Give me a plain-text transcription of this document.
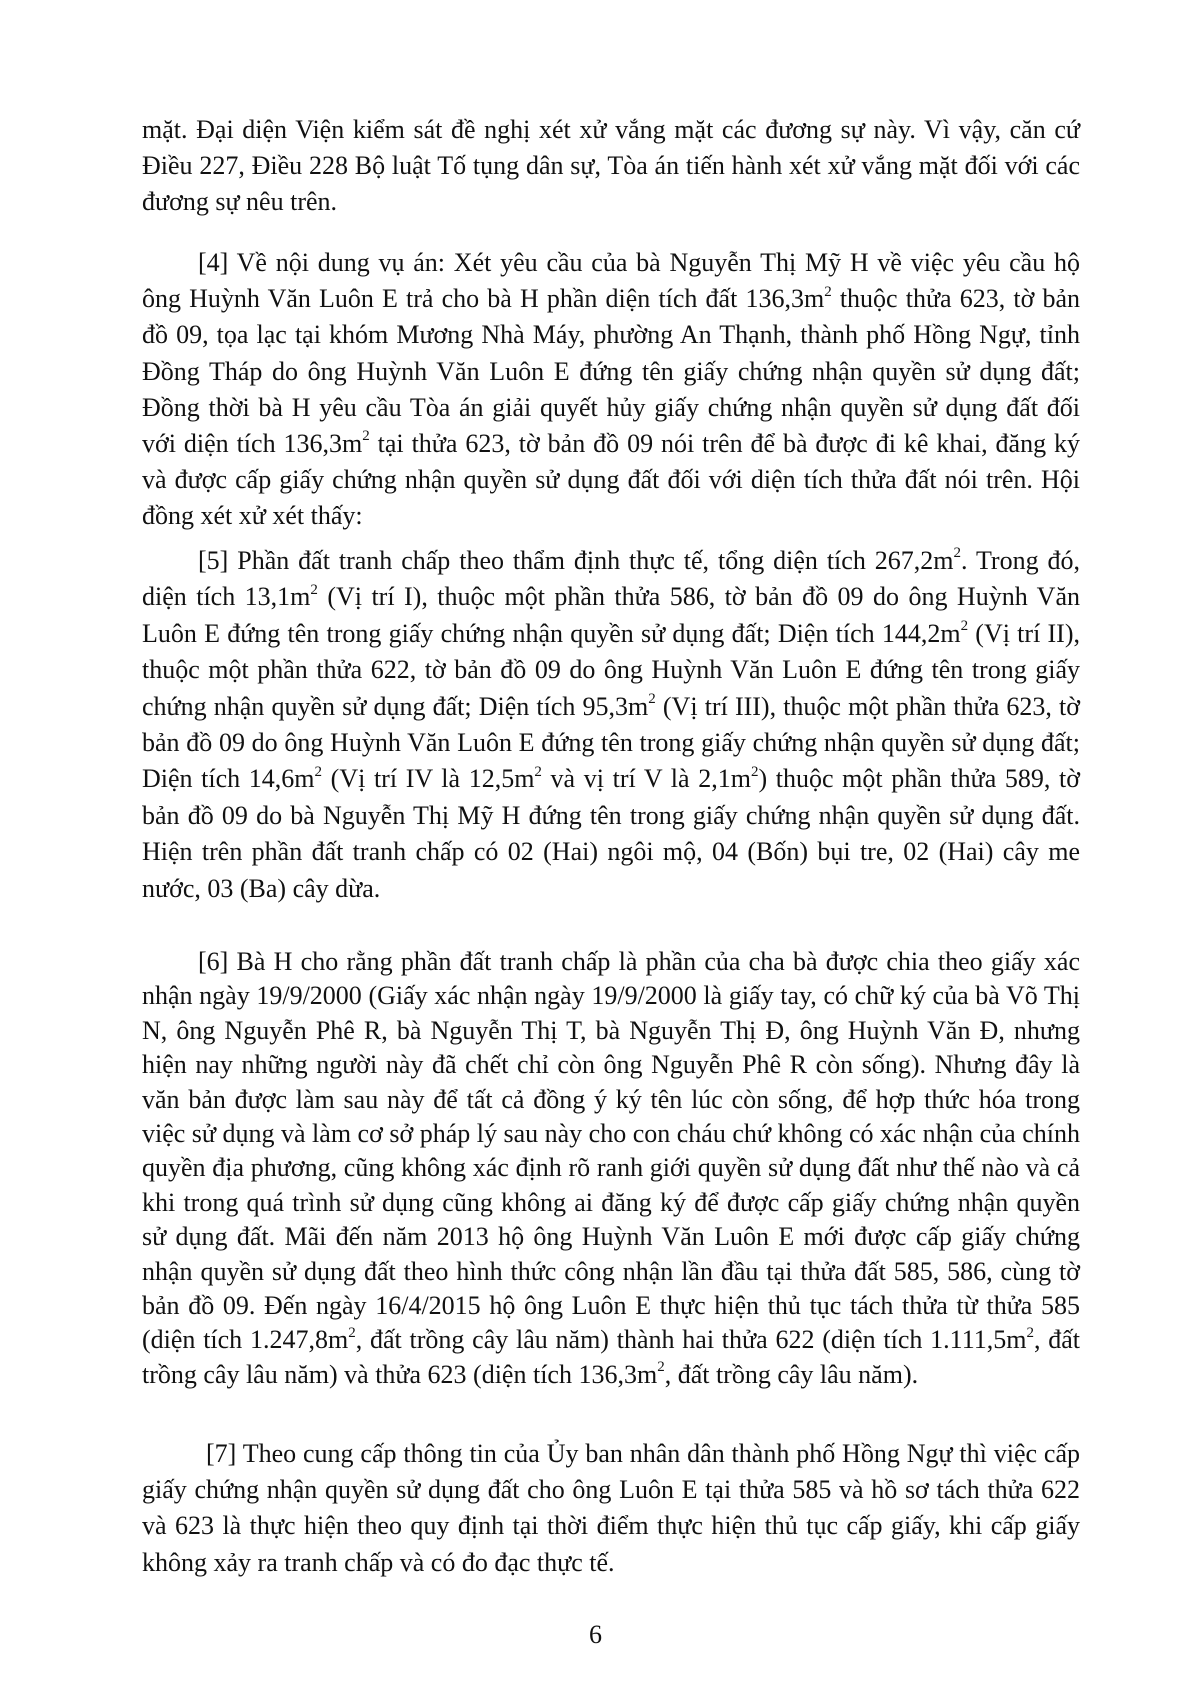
mặt. Đại diện Viện kiểm sát đề nghị xét xử vắng mặt các đương sự này. Vì vậy, căn cứ Điều 227, Điều 228 Bộ luật Tố tụng dân sự, Tòa án tiến hành xét xử vắng mặt đối với các đương sự nêu trên.

[4] Về nội dung vụ án: Xét yêu cầu của bà Nguyễn Thị Mỹ H về việc yêu cầu hộ ông Huỳnh Văn Luôn E trả cho bà H phần diện tích đất $136,3m^2$ thuộc thửa 623, tờ bản đồ 09, tọa lạc tại khóm Mương Nhà Máy, phường An Thạnh, thành phố Hồng Ngự, tỉnh Đồng Tháp do ông Huỳnh Văn Luôn E đứng tên giấy chứng nhận quyền sử dụng đất; Đồng thời bà H yêu cầu Tòa án giải quyết hủy giấy chứng nhận quyền sử dụng đất đối với diện tích $136,3m^2$ tại thửa 623, tờ bản đồ 09 nói trên để bà được đi kê khai, đăng ký và được cấp giấy chứng nhận quyền sử dụng đất đối với diện tích thửa đất nói trên. Hội đồng xét xử xét thấy:

[5] Phần đất tranh chấp theo thẩm định thực tế, tổng diện tích $267,2m^2$. Trong đó, diện tích $13,1m^2$ (Vị trí I), thuộc một phần thửa 586, tờ bản đồ 09 do ông Huỳnh Văn Luôn E đứng tên trong giấy chứng nhận quyền sử dụng đất; Diện tích $144,2m^2$ (Vị trí II), thuộc một phần thửa 622, tờ bản đồ 09 do ông Huỳnh Văn Luôn E đứng tên trong giấy chứng nhận quyền sử dụng đất; Diện tích $95,3m^2$ (Vị trí III), thuộc một phần thửa 623, tờ bản đồ 09 do ông Huỳnh Văn Luôn E đứng tên trong giấy chứng nhận quyền sử dụng đất; Diện tích $14,6m^2$ (Vị trí IV là $12,5m^2$ và vị trí V là $2,1m^2$) thuộc một phần thửa 589, tờ bản đồ 09 do bà Nguyễn Thị Mỹ H đứng tên trong giấy chứng nhận quyền sử dụng đất. Hiện trên phần đất tranh chấp có 02 (Hai) ngôi mộ, 04 (Bốn) bụi tre, 02 (Hai) cây me nước, 03 (Ba) cây dừa.

[6] Bà H cho rằng phần đất tranh chấp là phần của cha bà được chia theo giấy xác nhận ngày 19/9/2000 (Giấy xác nhận ngày 19/9/2000 là giấy tay, có chữ ký của bà Võ Thị N, ông Nguyễn Phê R, bà Nguyễn Thị T, bà Nguyễn Thị Đ, ông Huỳnh Văn Đ, nhưng hiện nay những người này đã chết chỉ còn ông Nguyễn Phê R còn sống). Nhưng đây là văn bản được làm sau này để tất cả đồng ý ký tên lúc còn sống, để hợp thức hóa trong việc sử dụng và làm cơ sở pháp lý sau này cho con cháu chứ không có xác nhận của chính quyền địa phương, cũng không xác định rõ ranh giới quyền sử dụng đất như thế nào và cả khi trong quá trình sử dụng cũng không ai đăng ký để được cấp giấy chứng nhận quyền sử dụng đất. Mãi đến năm 2013 hộ ông Huỳnh Văn Luôn E mới được cấp giấy chứng nhận quyền sử dụng đất theo hình thức công nhận lần đầu tại thửa đất 585, 586, cùng tờ bản đồ 09. Đến ngày 16/4/2015 hộ ông Luôn E thực hiện thủ tục tách thửa từ thửa 585 (diện tích $1.247,8m^2$, đất trồng cây lâu năm) thành hai thửa 622 (diện tích $1.111,5m^2$, đất trồng cây lâu năm) và thửa 623 (diện tích $136,3m^2$, đất trồng cây lâu năm).

[7] Theo cung cấp thông tin của Ủy ban nhân dân thành phố Hồng Ngự thì việc cấp giấy chứng nhận quyền sử dụng đất cho ông Luôn E tại thửa 585 và hồ sơ tách thửa 622 và 623 là thực hiện theo quy định tại thời điểm thực hiện thủ tục cấp giấy, khi cấp giấy không xảy ra tranh chấp và có đo đạc thực tế.

6
